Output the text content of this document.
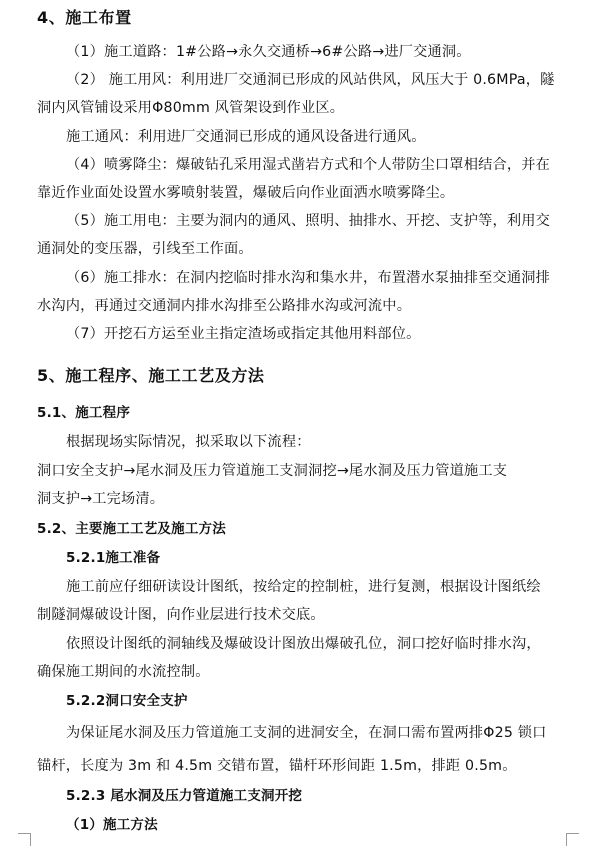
4、施工布置
（1）施工道路：1#公路→永久交通桥→6#公路→进厂交通洞。
（2） 施工用风：利用进厂交通洞已形成的风站供风，风压大于 0.6MPa，隧
洞内风管铺设采用Φ80mm 风管架设到作业区。
施工通风：利用进厂交通洞已形成的通风设备进行通风。
（4）喷雾降尘：爆破钻孔采用湿式凿岩方式和个人带防尘口罩相结合，并在
靠近作业面处设置水雾喷射装置，爆破后向作业面洒水喷雾降尘。
（5）施工用电：主要为洞内的通风、照明、抽排水、开挖、支护等，利用交
通洞处的变压器，引线至工作面。
（6）施工排水：在洞内挖临时排水沟和集水井，布置潜水泵抽排至交通洞排
水沟内，再通过交通洞内排水沟排至公路排水沟或河流中。
（7）开挖石方运至业主指定渣场或指定其他用料部位。
5、施工程序、施工工艺及方法
5.1、施工程序
根据现场实际情况，拟采取以下流程：
洞口安全支护→尾水洞及压力管道施工支洞洞挖→尾水洞及压力管道施工支
洞支护→工完场清。
5.2、主要施工工艺及施工方法
5.2.1施工准备
施工前应仔细研读设计图纸，按给定的控制桩，进行复测，根据设计图纸绘
制隧洞爆破设计图，向作业层进行技术交底。
依照设计图纸的洞轴线及爆破设计图放出爆破孔位，洞口挖好临时排水沟，
确保施工期间的水流控制。
5.2.2洞口安全支护
为保证尾水洞及压力管道施工支洞的进洞安全，在洞口需布置两排Φ25 锁口
锚杆，长度为 3m 和 4.5m 交错布置，锚杆环形间距 1.5m，排距 0.5m。
5.2.3 尾水洞及压力管道施工支洞开挖
（1）施工方法
